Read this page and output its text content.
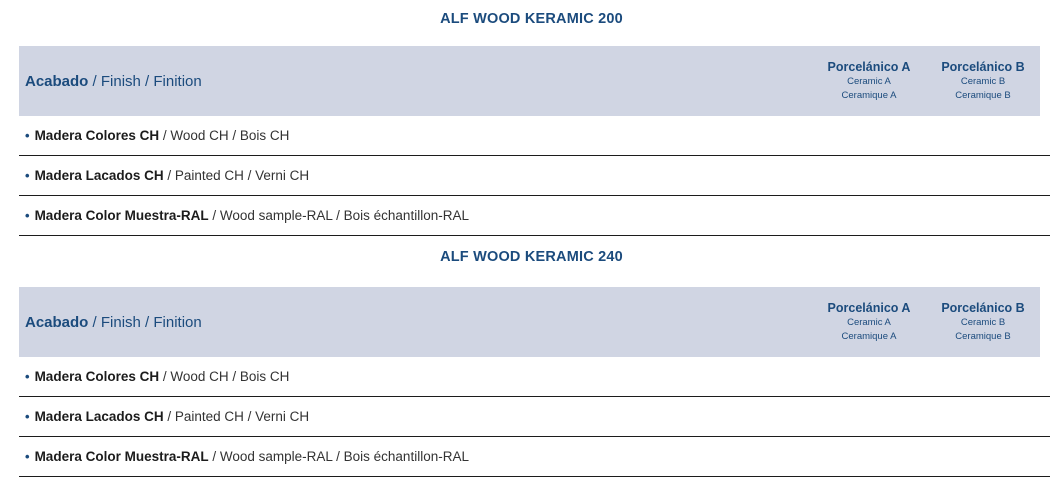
ALF WOOD KERAMIC 200
Acabado / Finish / Finition
Porcelánico A
Ceramic A
Ceramique A
Porcelánico B
Ceramic B
Ceramique B
• Madera Colores CH / Wood CH / Bois CH
• Madera Lacados CH / Painted CH / Verni CH
• Madera Color Muestra-RAL / Wood sample-RAL / Bois échantillon-RAL
ALF WOOD KERAMIC 240
Acabado / Finish / Finition
Porcelánico A
Ceramic A
Ceramique A
Porcelánico B
Ceramic B
Ceramique B
• Madera Colores CH / Wood CH / Bois CH
• Madera Lacados CH / Painted CH / Verni CH
• Madera Color Muestra-RAL / Wood sample-RAL / Bois échantillon-RAL
